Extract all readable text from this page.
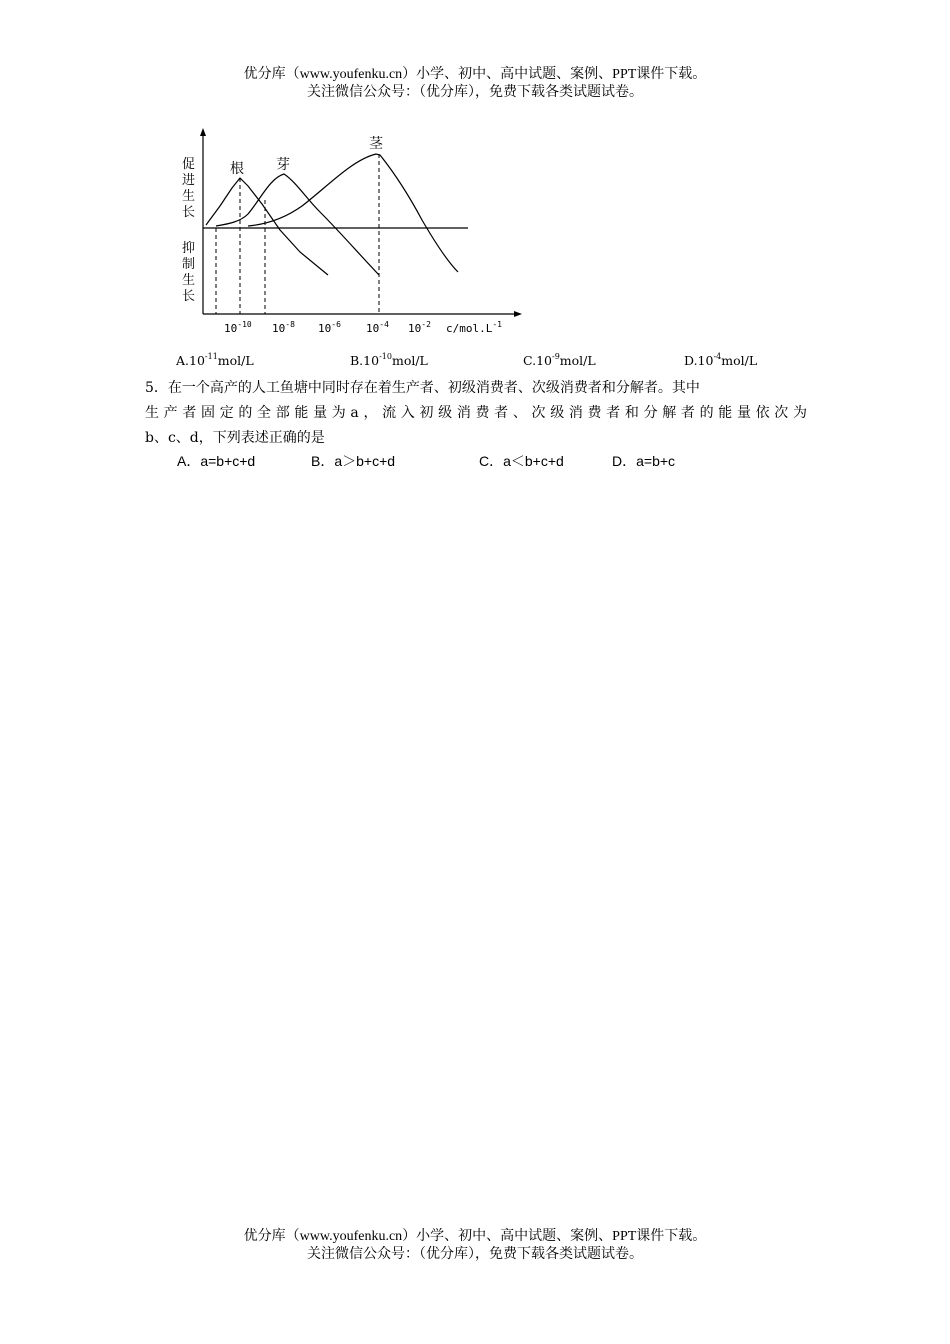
优分库（www.youfenku.cn）小学、初中、高中试题、案例、PPT课件下载。
关注微信公众号：（优分库），免费下载各类试题试卷。
根 芽
茎
促
进
生
长
抑
制
生
长
$10^{-10}$ $10^{-8}$ $10^{-6}$ $10^{-4}$ $10^{-2}$ $c/mol.L^{-1}$
$A.10^{-11}mol/L$	$B.10^{-10}mol/L$	$C.10^{-9}mol/L$	$D.10^{-4}mol/L$
5．在一个高产的人工鱼塘中同时存在着生产者、初级消费者、次级消费者和分解者。其中
生产者固定的全部能量为a，流入初级消费者、次级消费者和分解者的能量依次为
b、c、d，下列表述正确的是
A．a=b+c+d	B．a＞b+c+d	C．a＜b+c+d	D．a=b+c
优分库（www.youfenku.cn）小学、初中、高中试题、案例、PPT课件下载。
关注微信公众号：（优分库），免费下载各类试题试卷。
